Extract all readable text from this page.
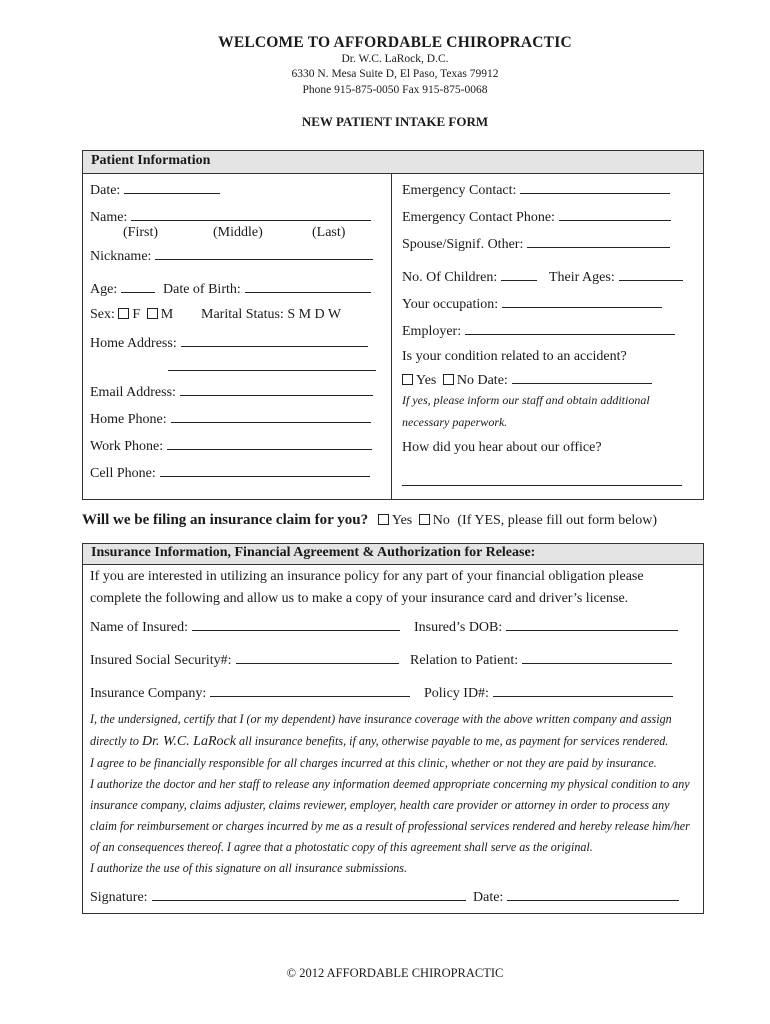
WELCOME TO AFFORDABLE CHIROPRACTIC
Dr. W.C. LaRock, D.C.
6330 N. Mesa Suite D, El Paso, Texas 79912
Phone 915-875-0050 Fax 915-875-0068
NEW PATIENT INTAKE FORM
Patient Information
Date:
Name:
(First)	(Middle)	(Last)
Nickname:
Age:	Date of Birth:
Sex: F M Marital Status: S M D W
Home Address:
Email Address:
Home Phone:
Work Phone:
Cell Phone:
Emergency Contact:
Emergency Contact Phone:
Spouse/Signif. Other:
No. Of Children:	Their Ages:
Your occupation:
Employer:
Is your condition related to an accident?
Yes No Date:
If yes, please inform our staff and obtain additional
necessary paperwork.
How did you hear about our office?
Will we be filing an insurance claim for you? Yes No (If YES, please fill out form below)
Insurance Information, Financial Agreement & Authorization for Release:
If you are interested in utilizing an insurance policy for any part of your financial obligation please
complete the following and allow us to make a copy of your insurance card and driver’s license.
Name of Insured:	Insured’s DOB:
Insured Social Security#:	Relation to Patient:
Insurance Company:	Policy ID#:
I, the undersigned, certify that I (or my dependent) have insurance coverage with the above written company and assign
directly to Dr. W.C. LaRock all insurance benefits, if any, otherwise payable to me, as payment for services rendered.
I agree to be financially responsible for all charges incurred at this clinic, whether or not they are paid by insurance.
I authorize the doctor and her staff to release any information deemed appropriate concerning my physical condition to any
insurance company, claims adjuster, claims reviewer, employer, health care provider or attorney in order to process any
claim for reimbursement or charges incurred by me as a result of professional services rendered and hereby release him/her
of an consequences thereof. I agree that a photostatic copy of this agreement shall serve as the original.
I authorize the use of this signature on all insurance submissions.
Signature:	Date:
© 2012 AFFORDABLE CHIROPRACTIC
